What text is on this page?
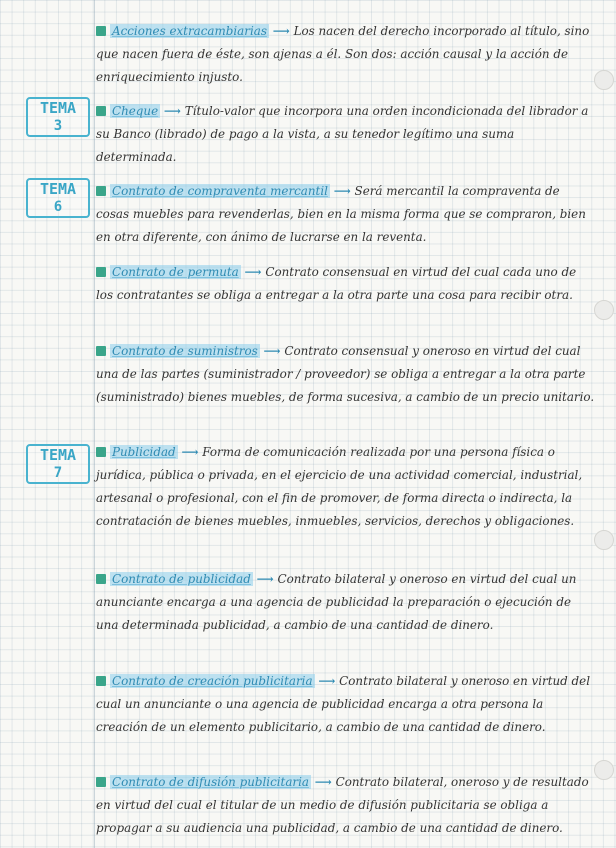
TEMA
3
TEMA
6
TEMA
7
Acciones extracambiarias ⟶ Los nacen del derecho incorporado al título, sino que nacen fuera de éste, son ajenas a él. Son dos: acción causal y la acción de enriquecimiento injusto.
Cheque ⟶ Título-valor que incorpora una orden incondicionada del librador a su Banco (librado) de pago a la vista, a su tenedor legítimo una suma determinada.
Contrato de compraventa mercantil ⟶ Será mercantil la compraventa de cosas muebles para revenderlas, bien en la misma forma que se compraron, bien en otra diferente, con ánimo de lucrarse en la reventa.
Contrato de permuta ⟶ Contrato consensual en virtud del cual cada uno de los contratantes se obliga a entregar a la otra parte una cosa para recibir otra.
Contrato de suministros ⟶ Contrato consensual y oneroso en virtud del cual una de las partes (suministrador / proveedor) se obliga a entregar a la otra parte (suministrado) bienes muebles, de forma sucesiva, a cambio de un precio unitario.
Publicidad ⟶ Forma de comunicación realizada por una persona física o jurídica, pública o privada, en el ejercicio de una actividad comercial, industrial, artesanal o profesional, con el fin de promover, de forma directa o indirecta, la contratación de bienes muebles, inmuebles, servicios, derechos y obligaciones.
Contrato de publicidad ⟶ Contrato bilateral y oneroso en virtud del cual un anunciante encarga a una agencia de publicidad la preparación o ejecución de una determinada publicidad, a cambio de una cantidad de dinero.
Contrato de creación publicitaria ⟶ Contrato bilateral y oneroso en virtud del cual un anunciante o una agencia de publicidad encarga a otra persona la creación de un elemento publicitario, a cambio de una cantidad de dinero.
Contrato de difusión publicitaria ⟶ Contrato bilateral, oneroso y de resultado en virtud del cual el titular de un medio de difusión publicitaria se obliga a propagar a su audiencia una publicidad, a cambio de una cantidad de dinero.
